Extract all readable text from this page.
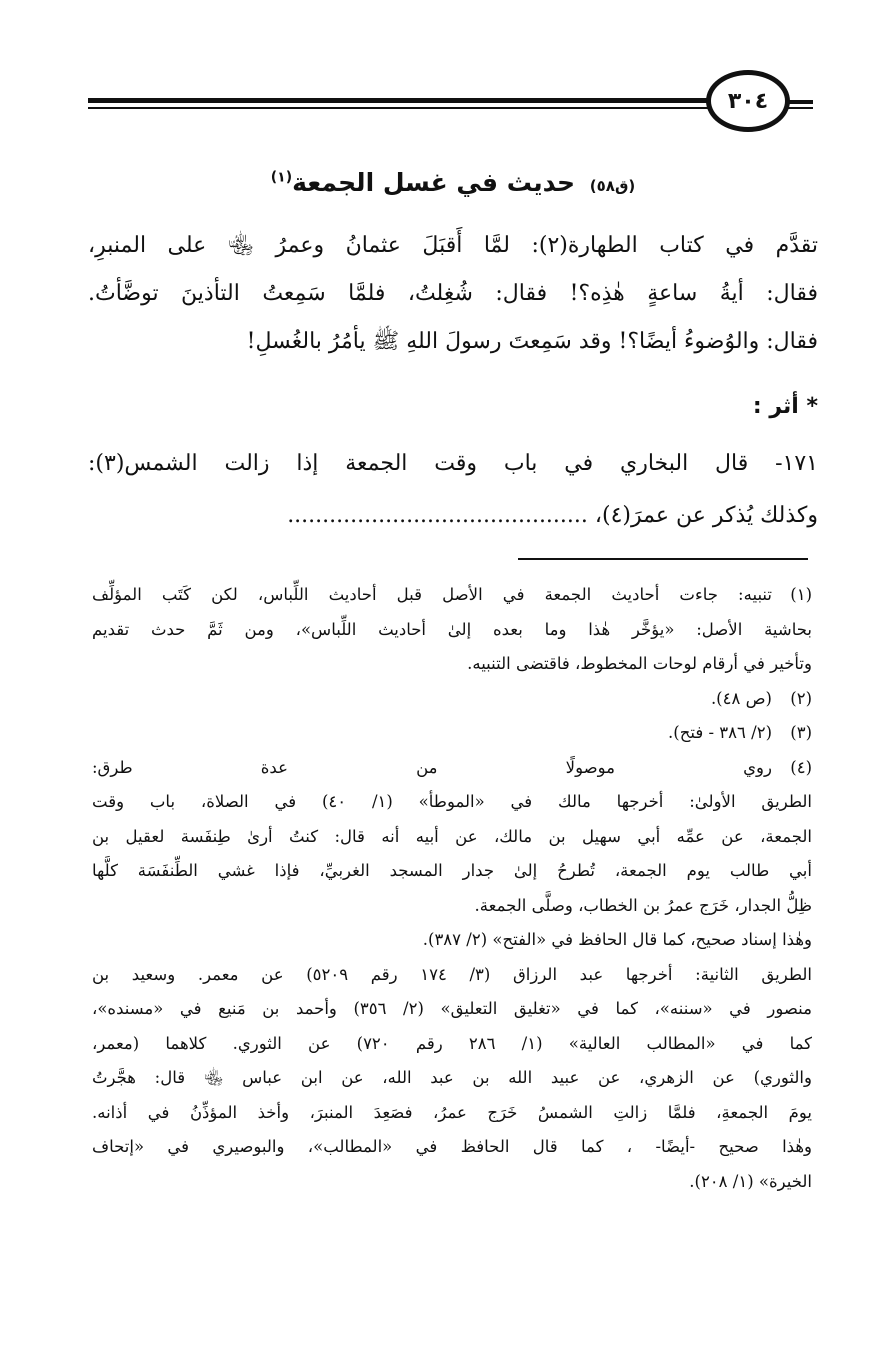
٣٠٤
(ق٥٨) حديث في غسل الجمعة$^{(١)}$
تقدَّم في كتاب الطهارة(٢): لمَّا أَقبَلَ عثمانُ وعمرُ ﵄ على المنبرِ،
فقال: أيةُ ساعةٍ هٰذِه؟! فقال: شُغِلتُ، فلمَّا سَمِعتُ التأذينَ توضَّأتُ.
فقال: والوُضوءُ أيضًا؟! وقد سَمِعتَ رسولَ اللهِ ﷺ يأمُرُ بالغُسلِ!
* أثر :
١٧١- قال البخاري في باب وقت الجمعة إذا زالت الشمس(٣):
وكذلك يُذكر عن عمرَ(٤)، ...........................................
(١)تنبيه: جاءت أحاديث الجمعة في الأصل قبل أحاديث اللِّباس، لكن كَتَب المؤلِّف
بحاشية الأصل: «يؤخَّر هٰذا وما بعده إلىٰ أحاديث اللِّباس»، ومن ثَمَّ حدث تقديم
وتأخير في أرقام لوحات المخطوط، فاقتضى التنبيه.
(٢)(ص ٤٨).
(٣)(٢/ ٣٨٦ - فتح).
(٤)روي موصولًا من عدة طرق:
الطريق الأولىٰ: أخرجها مالك في «الموطأ» (١/ ٤٠) في الصلاة، باب وقت
الجمعة، عن عمِّه أبي سهيل بن مالك، عن أبيه أنه قال: كنتُ أرىٰ طِنفَسة لعقيل بن
أبي طالب يوم الجمعة، تُطرحُ إلىٰ جدار المسجد الغربيِّ، فإذا غشي الطِّنفَسَة كلَّها
ظِلُّ الجدار، خَرَج عمرُ بن الخطاب، وصلَّى الجمعة.
وهٰذا إسناد صحيح، كما قال الحافظ في «الفتح» (٢/ ٣٨٧).
الطريق الثانية: أخرجها عبد الرزاق (٣/ ١٧٤ رقم ٥٢٠٩) عن معمر. وسعيد بن
منصور في «سننه»، كما في «تغليق التعليق» (٢/ ٣٥٦) وأحمد بن مَنيع في «مسنده»،
كما في «المطالب العالية» (١/ ٢٨٦ رقم ٧٢٠) عن الثوري. كلاهما (معمر،
والثوري) عن الزهري، عن عبيد الله بن عبد الله، عن ابن عباس ﵄ قال: هجَّرتُ
يومَ الجمعةِ، فلمَّا زالتِ الشمسُ خَرَج عمرُ، فصَعِدَ المنبرَ، وأخذ المؤذِّنُ في أذانه.
وهٰذا صحيح -أيضًا- ، كما قال الحافظ في «المطالب»، والبوصيري في «إتحاف
الخيرة» (١/ ٢٠٨).
